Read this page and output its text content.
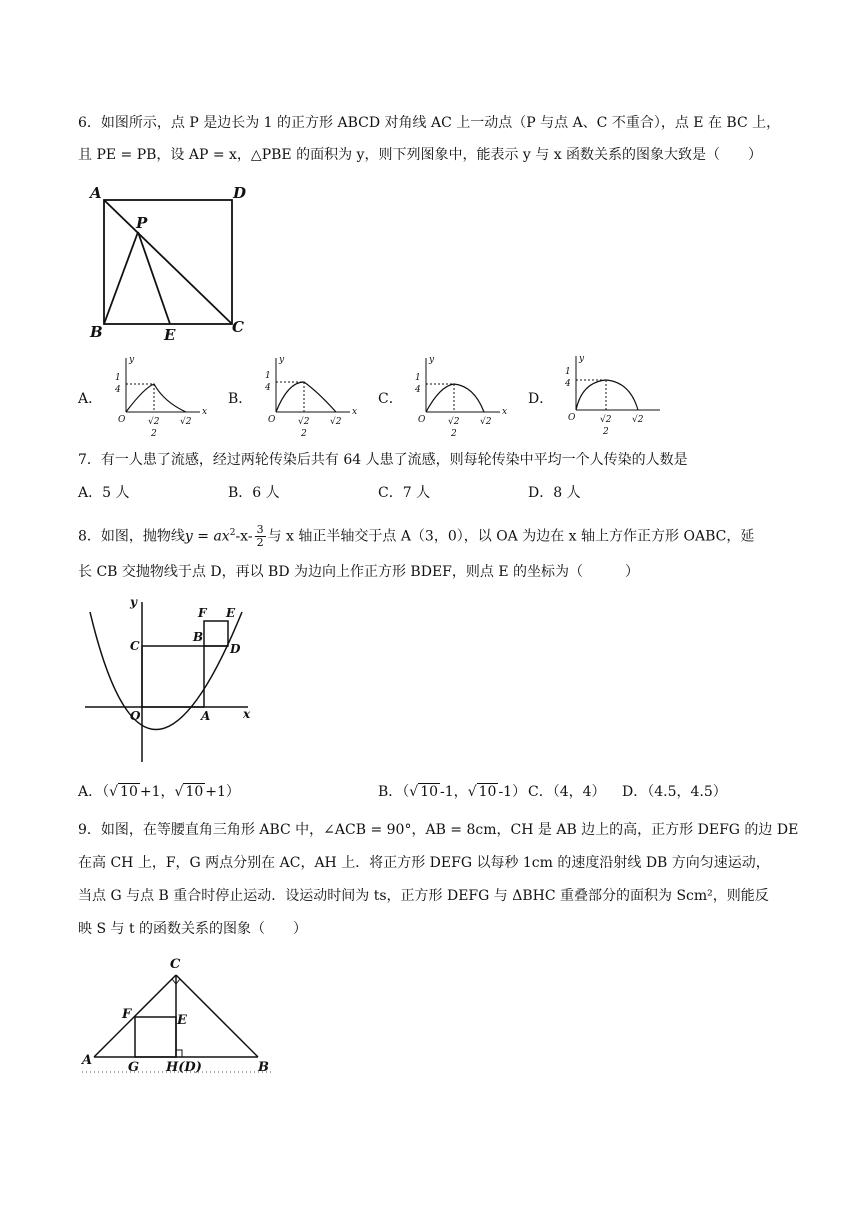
6．如图所示，点 P 是边长为 1 的正方形 ABCD 对角线 AC 上一动点（P 与点 A、C 不重合），点 E 在 BC 上，
且 PE = PB，设 AP = x，△PBE 的面积为 y，则下列图象中，能表示 y 与 x 函数关系的图象大致是（　　）
A	D
P
B	E	C
A．	B．	C．	D．
y
x
O
1
4
√2
2
√2
y
x
O
1
4
√2
2
√2
y
x
O
1
4
√2
2
√2
y
O
1
4
√2
2
√2
7．有一人患了流感，经过两轮传染后共有 64 人患了流感，则每轮传染中平均一个人传染的人数是
A．5 人	B．6 人	C．7 人	D．8 人
8．如图，抛物线$y = ax^2-x- \frac{3}{2}$ 与 x 轴正半轴交于点 A（3，0），以 OA 为边在 x 轴上方作正方形 OABC，延
长 CB 交抛物线于点 D，再以 BD 为边向上作正方形 BDEF，则点 E 的坐标为（　　　）
y
x
O	A
C
B
D
F E
A．（√ 10 +1，√ 10 +1）	B．（√ 10 -1，√ 10 -1） C．（4，4） D．（4.5，4.5）
9．如图，在等腰直角三角形 ABC 中，∠ACB = 90°，AB = 8cm，CH 是 AB 边上的高，正方形 DEFG 的边 DE
在高 CH 上，F，G 两点分别在 AC，AH 上．将正方形 DEFG 以每秒 1cm 的速度沿射线 DB 方向匀速运动，
当点 G 与点 B 重合时停止运动．设运动时间为 ts，正方形 DEFG 与 ΔBHC 重叠部分的面积为 Scm²，则能反
映 S 与 t 的函数关系的图象（　　）
C
F	E
A	G H(D)	B
